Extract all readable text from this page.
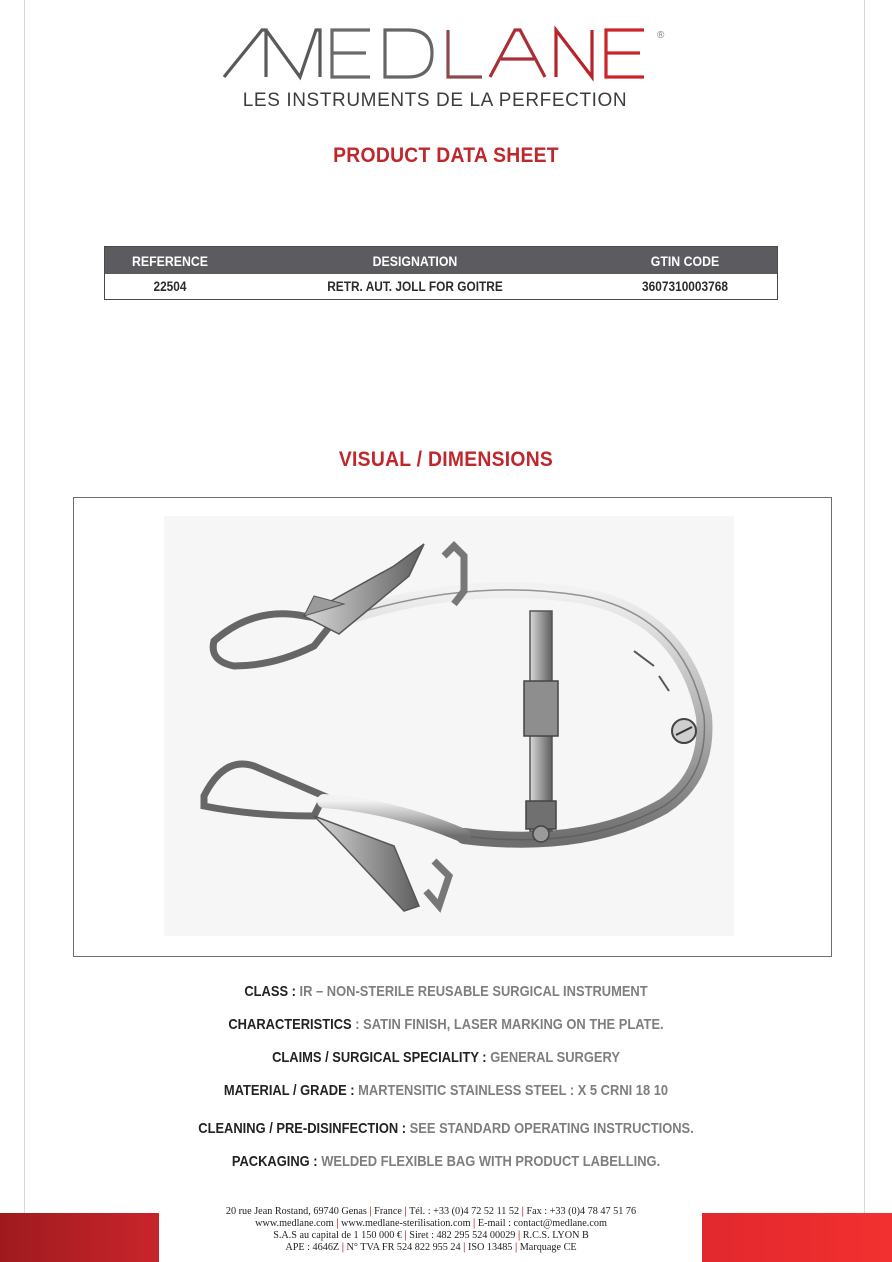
®
LES INSTRUMENTS DE LA PERFECTION
PRODUCT DATA SHEET
REFERENCE	DESIGNATION	GTIN CODE
22504	RETR. AUT. JOLL FOR GOITRE	3607310003768
VISUAL / DIMENSIONS
CLASS : IR – NON-STERILE REUSABLE SURGICAL INSTRUMENT
CHARACTERISTICS : SATIN FINISH, LASER MARKING ON THE PLATE.
CLAIMS / SURGICAL SPECIALITY : GENERAL SURGERY
MATERIAL / GRADE : MARTENSITIC STAINLESS STEEL : X 5 CRNI 18 10
CLEANING / PRE-DISINFECTION : SEE STANDARD OPERATING INSTRUCTIONS.
PACKAGING : WELDED FLEXIBLE BAG WITH PRODUCT LABELLING.
20 rue Jean Rostand, 69740 Genas | France | Tél. : +33 (0)4 72 52 11 52 | Fax : +33 (0)4 78 47 51 76
www.medlane.com | www.medlane-sterilisation.com | E-mail : contact@medlane.com
S.A.S au capital de 1 150 000 € | Siret : 482 295 524 00029 | R.C.S. LYON B
APE : 4646Z | N° TVA FR 524 822 955 24 | ISO 13485 | Marquage CE
